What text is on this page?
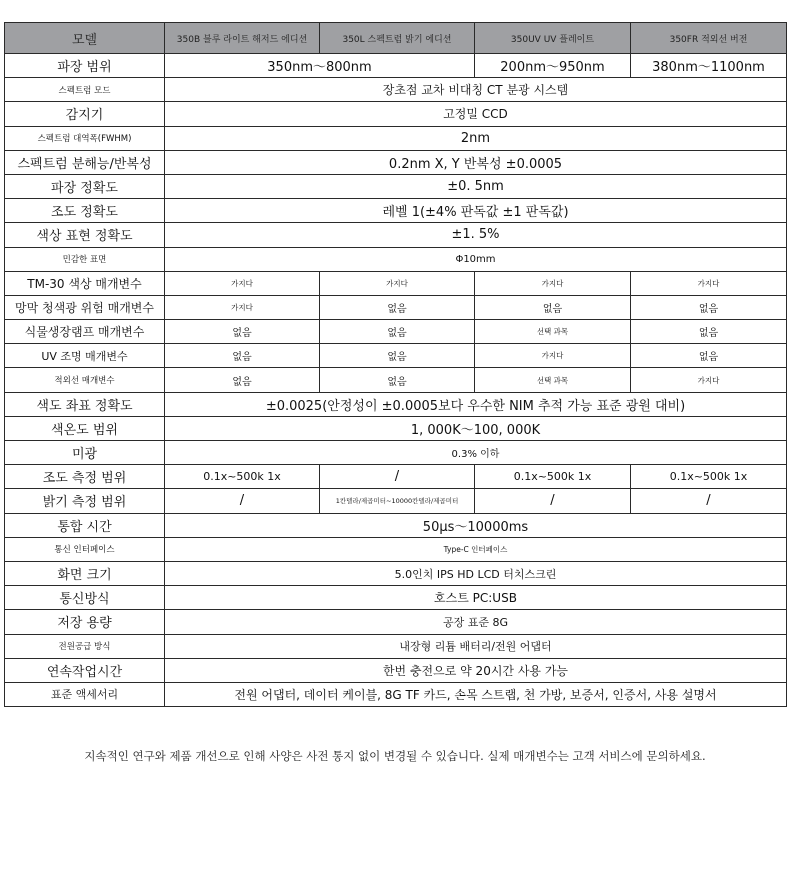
모델	350B 블루 라이트 해저드 에디션	350L 스펙트럼 밝기 에디션	350UV UV 플레이트	350FR 적외선 버전
파장 범위	350nm〜800nm		200nm〜950nm	380nm〜1100nm
스펙트럼 모드	장초점 교차 비대칭 CT 분광 시스템			
감지기	고정밀 CCD			
스펙트럼 대역폭(FWHM)	2nm			
스펙트럼 분해능/반복성	0.2nm X, Y 반복성 ±0.0005			
파장 정확도	±0. 5nm			
조도 정확도	레벨 1(±4% 판독값 ±1 판독값)			
색상 표현 정확도	±1. 5%			
민감한 표면	Φ10mm			
TM-30 색상 매개변수	가지다	가지다	가지다	가지다
망막 청색광 위험 매개변수	가지다	없음	없음	없음
식물생장램프 매개변수	없음	없음	선택 과목	없음
UV 조명 매개변수	없음	없음	가지다	없음
적외선 매개변수	없음	없음	선택 과목	가지다
색도 좌표 정확도	±0.0025(안정성이 ±0.0005보다 우수한 NIM 추적 가능 표준 광원 대비)			
색온도 범위	1, 000K〜100, 000K			
미광	0.3% 이하			
조도 측정 범위	0.1x~500k 1x	/	0.1x~500k 1x	0.1x~500k 1x
밝기 측정 범위	/	1칸델라/제곱미터~10000칸델라/제곱미터	/	/
통합 시간	50μs〜10000ms			
통신 인터페이스	Type-C 인터페이스			
화면 크기	5.0인치 IPS HD LCD 터치스크린			
통신방식	호스트 PC:USB			
저장 용량	공장 표준 8G			
전원공급 방식	내장형 리튬 배터리/전원 어댑터			
연속작업시간	한번 충전으로 약 20시간 사용 가능			
표준 액세서리	전원 어댑터, 데이터 케이블, 8G TF 카드, 손목 스트랩, 천 가방, 보증서, 인증서, 사용 설명서			
지속적인 연구와 제품 개선으로 인해 사양은 사전 통지 없이 변경될 수 있습니다. 실제 매개변수는 고객 서비스에 문의하세요.
